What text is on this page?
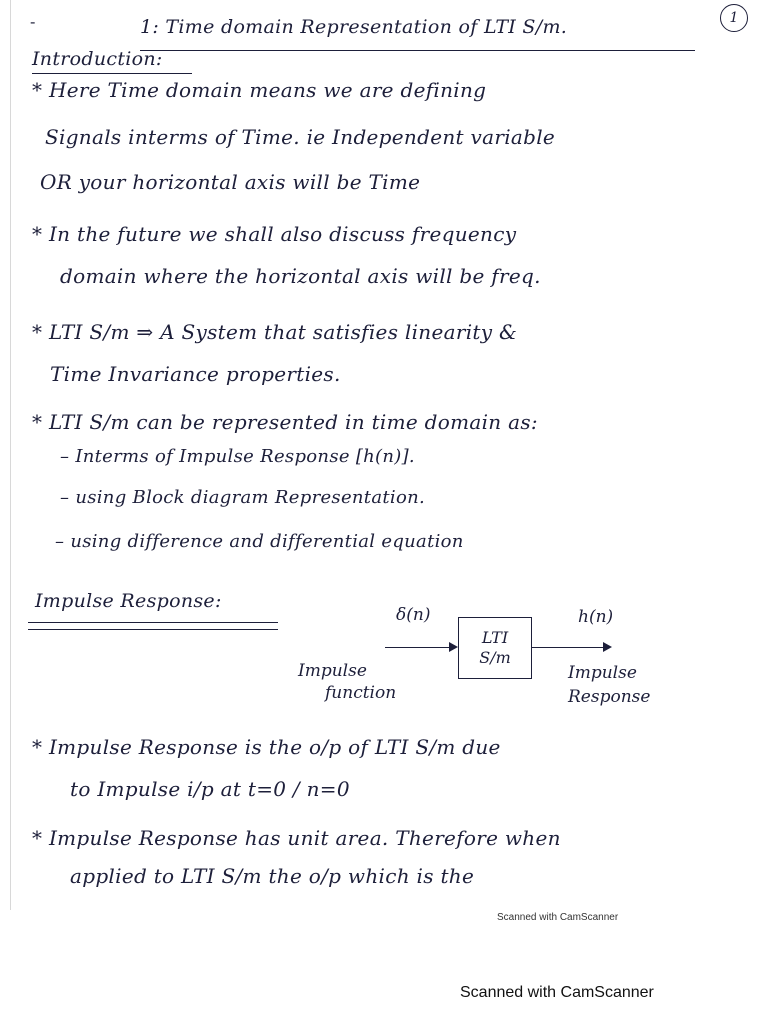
1
-	1: Time domain Representation of LTI S/m.
Introduction:
* Here Time domain means we are defining
Signals interms of Time. ie Independent variable
OR your horizontal axis will be Time
* In the future we shall also discuss frequency
domain where the horizontal axis will be freq.
* LTI S/m ⇒ A System that satisfies linearity &
Time Invariance properties.
* LTI S/m can be represented in time domain as:
– Interms of Impulse Response [h(n)].
– using Block diagram Representation.
– using difference and differential equation
Impulse Response:
δ(n)
LTI
S/m
h(n)
Impulse
function
Impulse
Response
* Impulse Response is the o/p of LTI S/m due
to Impulse i/p at t=0 / n=0
* Impulse Response has unit area. Therefore when
applied to LTI S/m the o/p which is the
Scanned with CamScanner
Scanned with CamScanner
